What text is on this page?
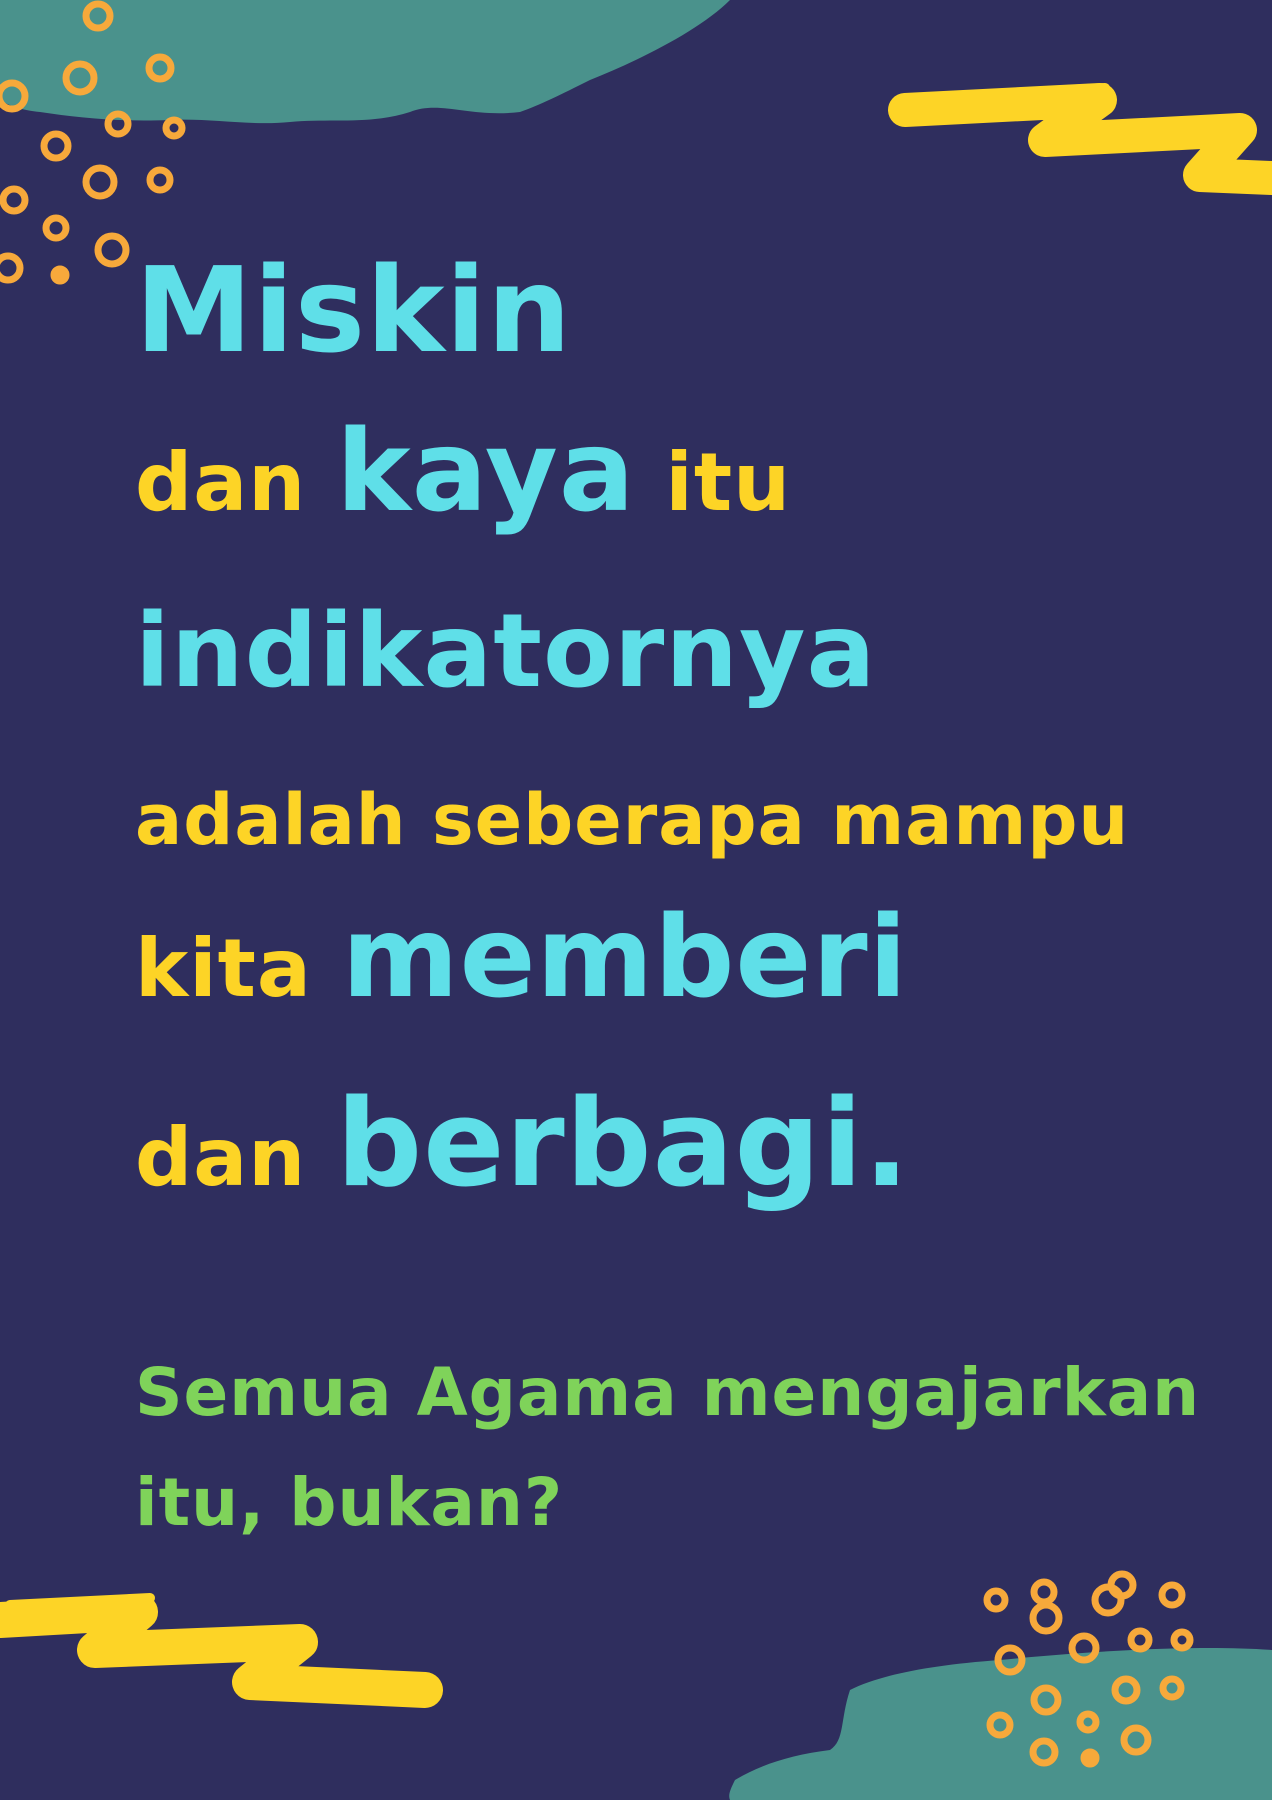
Miskin
dan kaya itu
indikatornya
adalah seberapa mampu
kita memberi
dan berbagi.
Semua Agama mengajarkan
itu, bukan?
